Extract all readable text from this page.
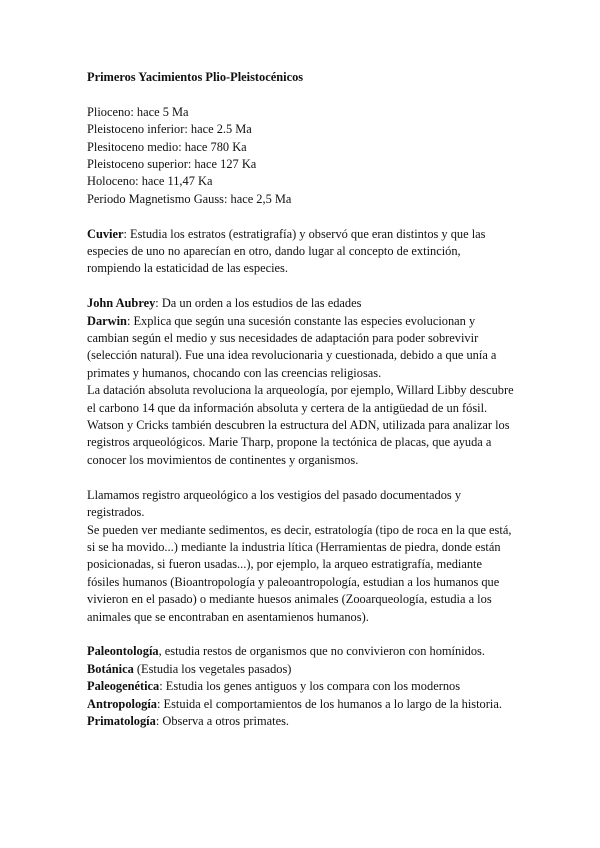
Primeros Yacimientos Plio-Pleistocénicos

Plioceno: hace 5 Ma

Pleistoceno inferior: hace 2.5 Ma

Plesitoceno medio: hace 780 Ka

Pleistoceno superior: hace 127 Ka

Holoceno: hace 11,47 Ka

Periodo Magnetismo Gauss: hace 2,5 Ma

Cuvier: Estudia los estratos (estratigrafía) y observó que eran distintos y que las especies de uno no aparecían en otro, dando lugar al concepto de extinción, rompiendo la estaticidad de las especies.

John Aubrey: Da un orden a los estudios de las edades

Darwin: Explica que según una sucesión constante las especies evolucionan y cambian según el medio y sus necesidades de adaptación para poder sobrevivir (selección natural). Fue una idea revolucionaria y cuestionada, debido a que unía a primates y humanos, chocando con las creencias religiosas.

La datación absoluta revoluciona la arqueología, por ejemplo, Willard Libby descubre el carbono 14 que da información absoluta y certera de la antigüedad de un fósil. Watson y Cricks también descubren la estructura del ADN, utilizada para analizar los registros arqueológicos. Marie Tharp, propone la tectónica de placas, que ayuda a conocer los movimientos de continentes y organismos.

Llamamos registro arqueológico a los vestigios del pasado documentados y registrados.

Se pueden ver mediante sedimentos, es decir, estratología (tipo de roca en la que está, si se ha movido...) mediante la industria lítica (Herramientas de piedra, donde están posicionadas, si fueron usadas...), por ejemplo, la arqueo estratigrafía, mediante fósiles humanos (Bioantropología y paleoantropología, estudian a los humanos que vivieron en el pasado) o mediante huesos animales (Zooarqueología, estudia a los animales que se encontraban en asentamienos humanos).

Paleontología, estudia restos de organismos que no convivieron con homínidos.

Botánica (Estudia los vegetales pasados)

Paleogenética: Estudia los genes antiguos y los compara con los modernos

Antropología: Estuida el comportamientos de los humanos a lo largo de la historia.

Primatología: Observa a otros primates.
